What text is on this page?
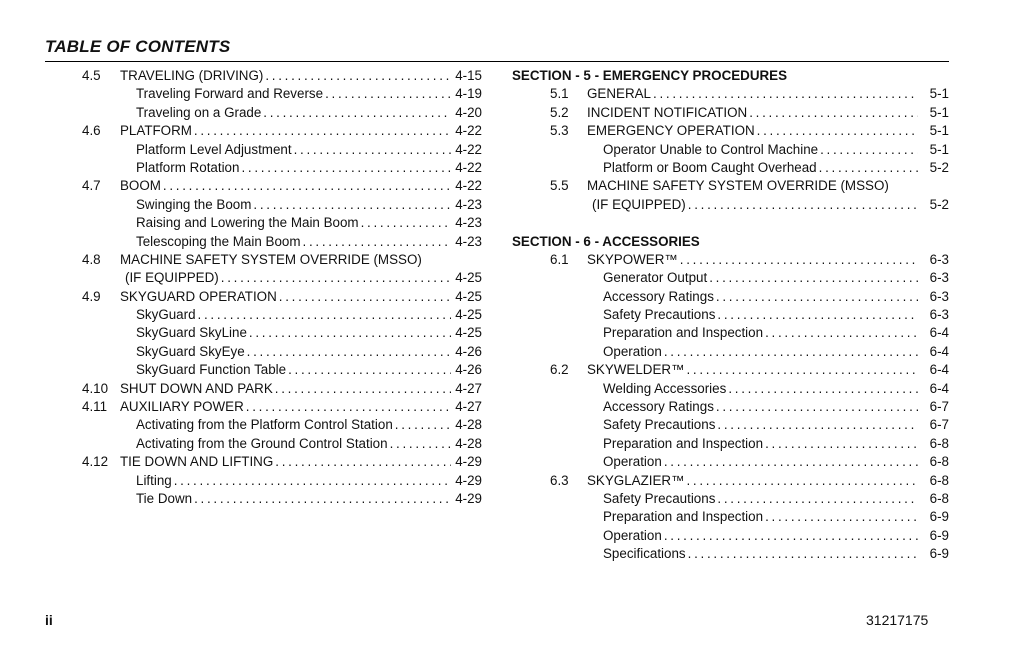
TABLE OF CONTENTS
4.5	TRAVELING (DRIVING) . . .	4-15
Traveling Forward and Reverse . . .	4-19
Traveling on a Grade . . .	4-20
4.6	PLATFORM . . .	4-22
Platform Level Adjustment . . .	4-22
Platform Rotation . . .	4-22
4.7	BOOM . . .	4-22
Swinging the Boom . . .	4-23
Raising and Lowering the Main Boom . . .	4-23
Telescoping the Main Boom . . .	4-23
4.8	MACHINE SAFETY SYSTEM OVERRIDE (MSSO)
(IF EQUIPPED) . . .	4-25
4.9	SKYGUARD OPERATION . . .	4-25
SkyGuard . . .	4-25
SkyGuard SkyLine . . .	4-25
SkyGuard SkyEye . . .	4-26
SkyGuard Function Table . . .	4-26
4.10 SHUT DOWN AND PARK . . .	4-27
4.11 AUXILIARY POWER . . .	4-27
Activating from the Platform Control Station . . .	4-28
Activating from the Ground Control Station . . .	4-28
4.12 TIE DOWN AND LIFTING . . .	4-29
Lifting . . .	4-29
Tie Down . . .	4-29
SECTION - 5 - EMERGENCY PROCEDURES
5.1	GENERAL . . .	5-1
5.2	INCIDENT NOTIFICATION . . .	5-1
5.3	EMERGENCY OPERATION . . .	5-1
Operator Unable to Control Machine . . .	5-1
Platform or Boom Caught Overhead . . .	5-2
5.5	MACHINE SAFETY SYSTEM OVERRIDE (MSSO)
(IF EQUIPPED) . . .	5-2
SECTION - 6 - ACCESSORIES
6.1	SKYPOWER™ . . .	6-3
Generator Output . . .	6-3
Accessory Ratings . . .	6-3
Safety Precautions . . .	6-3
Preparation and Inspection . . .	6-4
Operation . . .	6-4
6.2	SKYWELDER™ . . .	6-4
Welding Accessories . . .	6-4
Accessory Ratings . . .	6-7
Safety Precautions . . .	6-7
Preparation and Inspection . . .	6-8
Operation . . .	6-8
6.3	SKYGLAZIER™ . . .	6-8
Safety Precautions . . .	6-8
Preparation and Inspection . . .	6-9
Operation . . .	6-9
Specifications . . .	6-9
ii	31217175
